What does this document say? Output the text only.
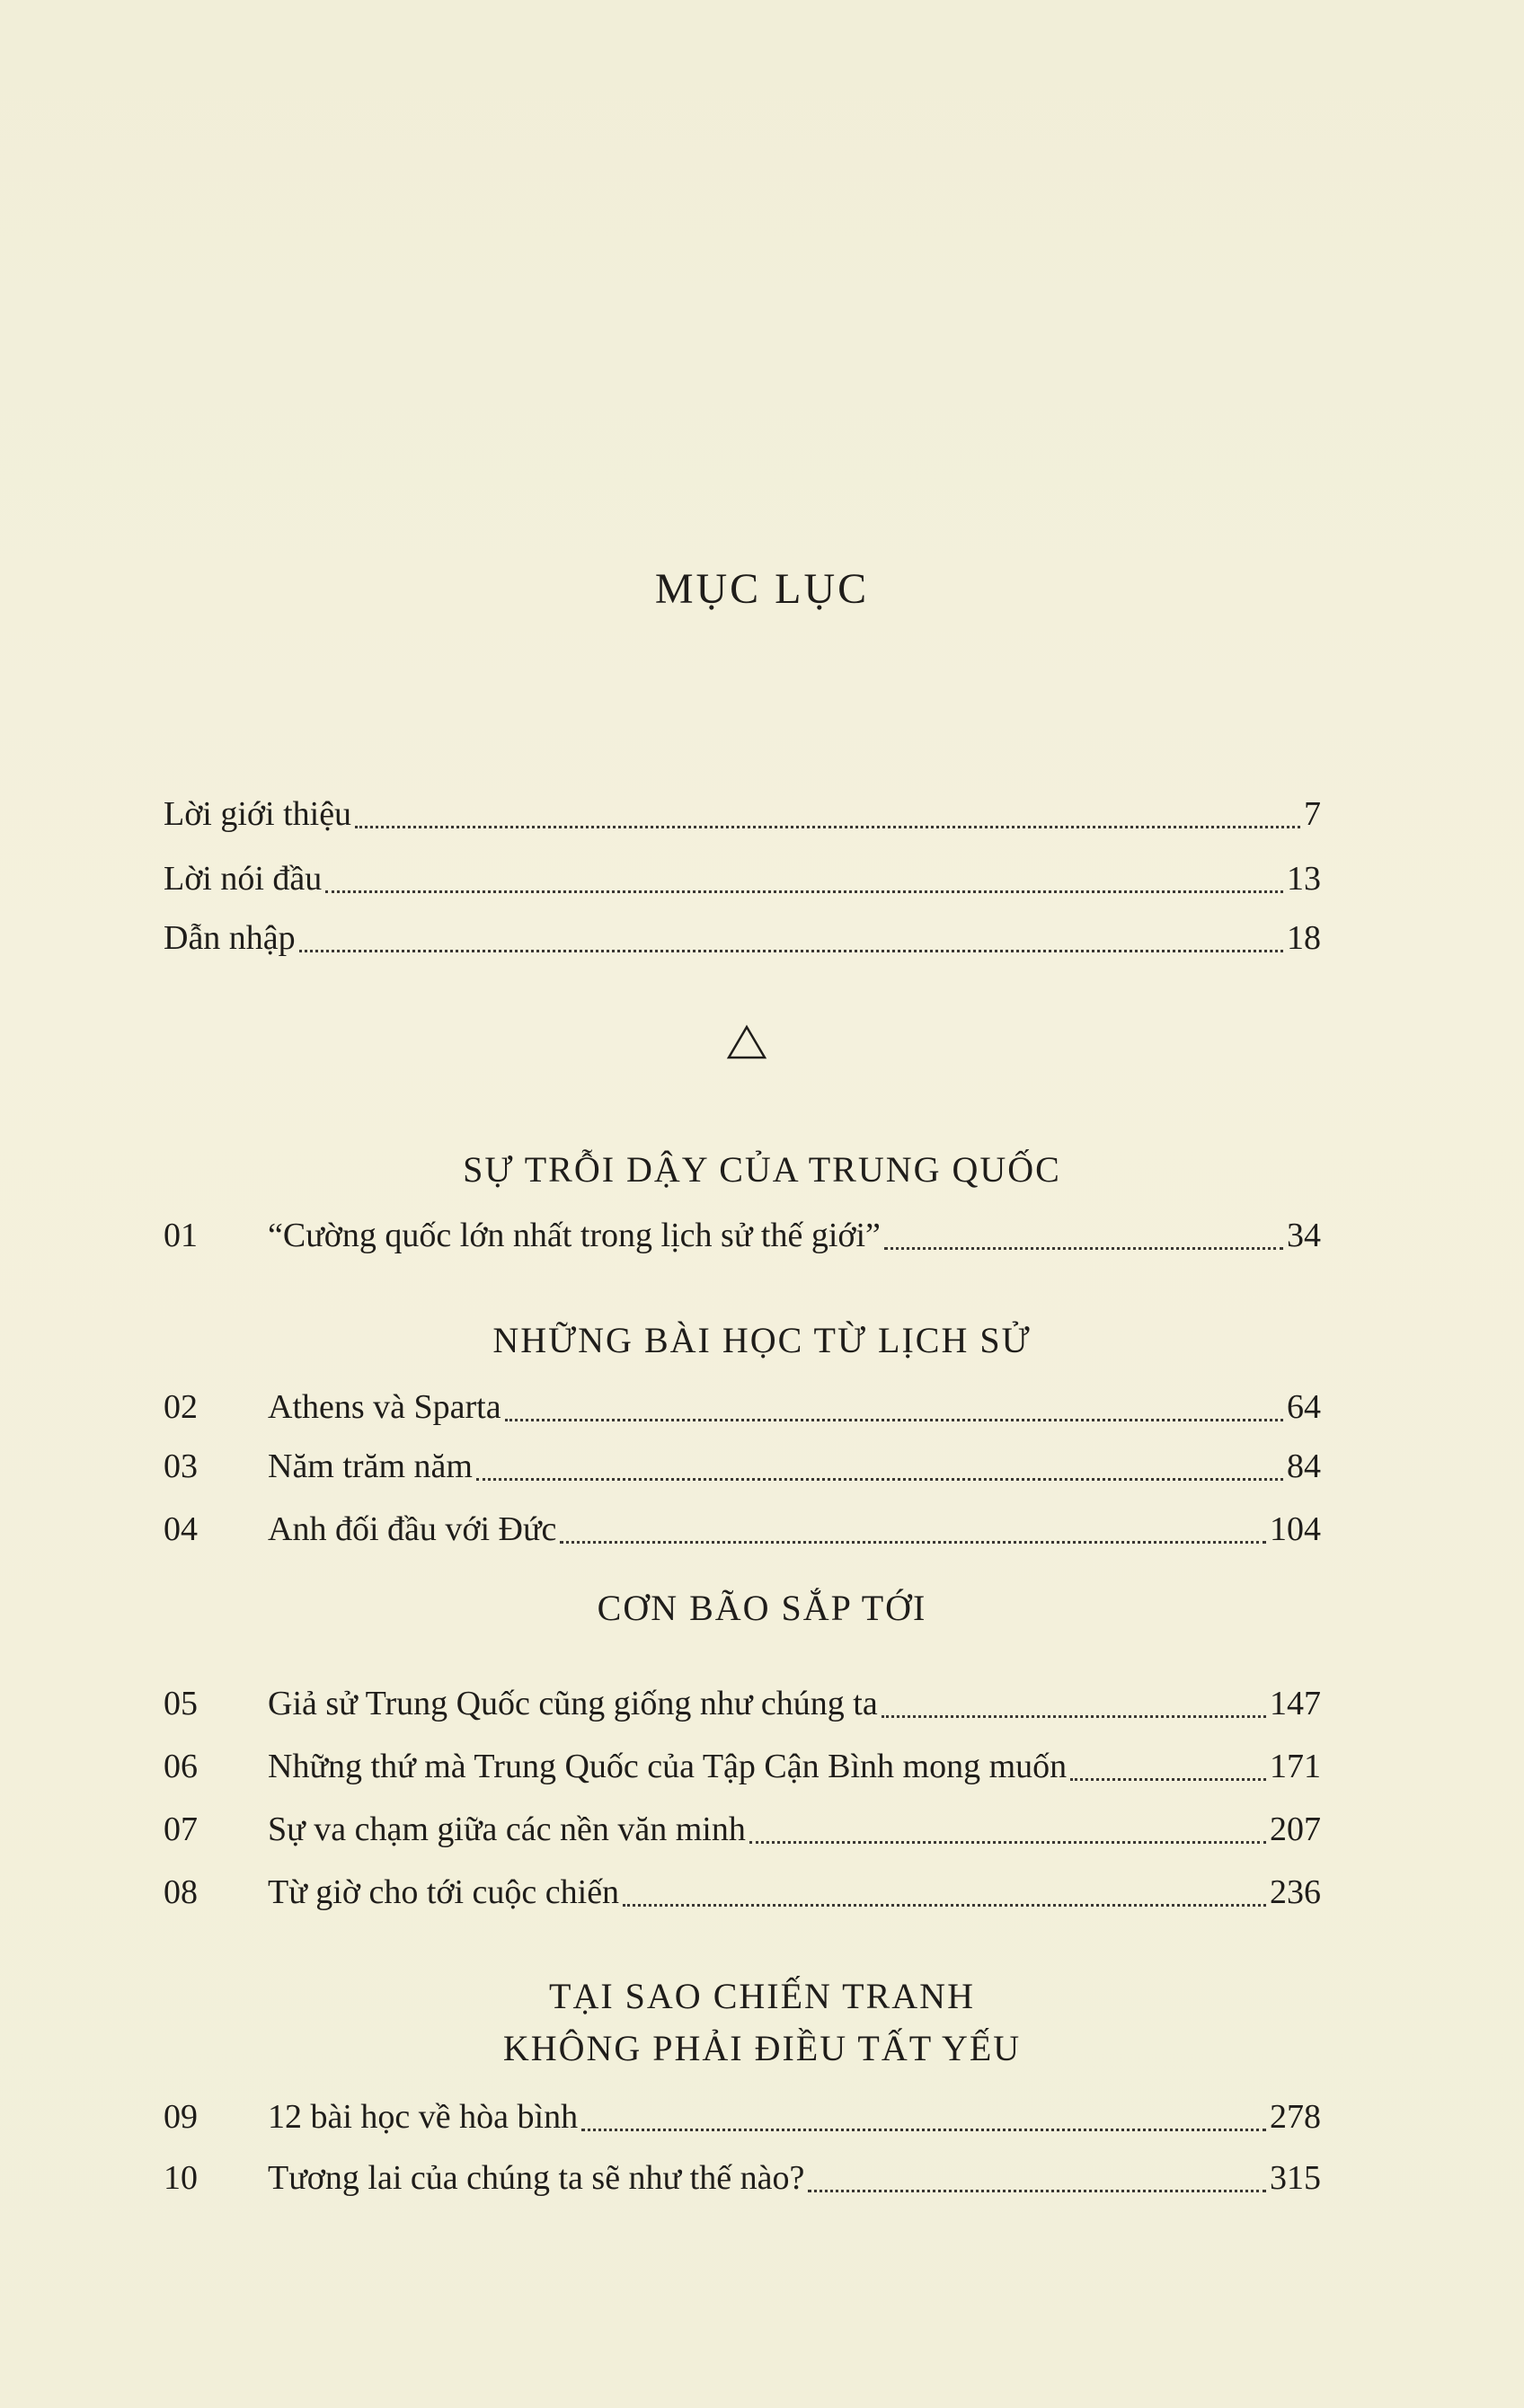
MỤC LỤC
Lời giới thiệu	7
Lời nói đầu	13
Dẫn nhập	18
01	“Cường quốc lớn nhất trong lịch sử thế giới”	34
02	Athens và Sparta	64
03	Năm trăm năm	84
04	Anh đối đầu với Đức	104
05	Giả sử Trung Quốc cũng giống như chúng ta	147
06	Những thứ mà Trung Quốc của Tập Cận Bình mong muốn	171
07	Sự va chạm giữa các nền văn minh	207
08	Từ giờ cho tới cuộc chiến	236
09	12 bài học về hòa bình	278
10	Tương lai của chúng ta sẽ như thế nào?	315
SỰ TRỖI DẬY CỦA TRUNG QUỐC
NHỮNG BÀI HỌC TỪ LỊCH SỬ
CƠN BÃO SẮP TỚI
TẠI SAO CHIẾN TRANH
KHÔNG PHẢI ĐIỀU TẤT YẾU
